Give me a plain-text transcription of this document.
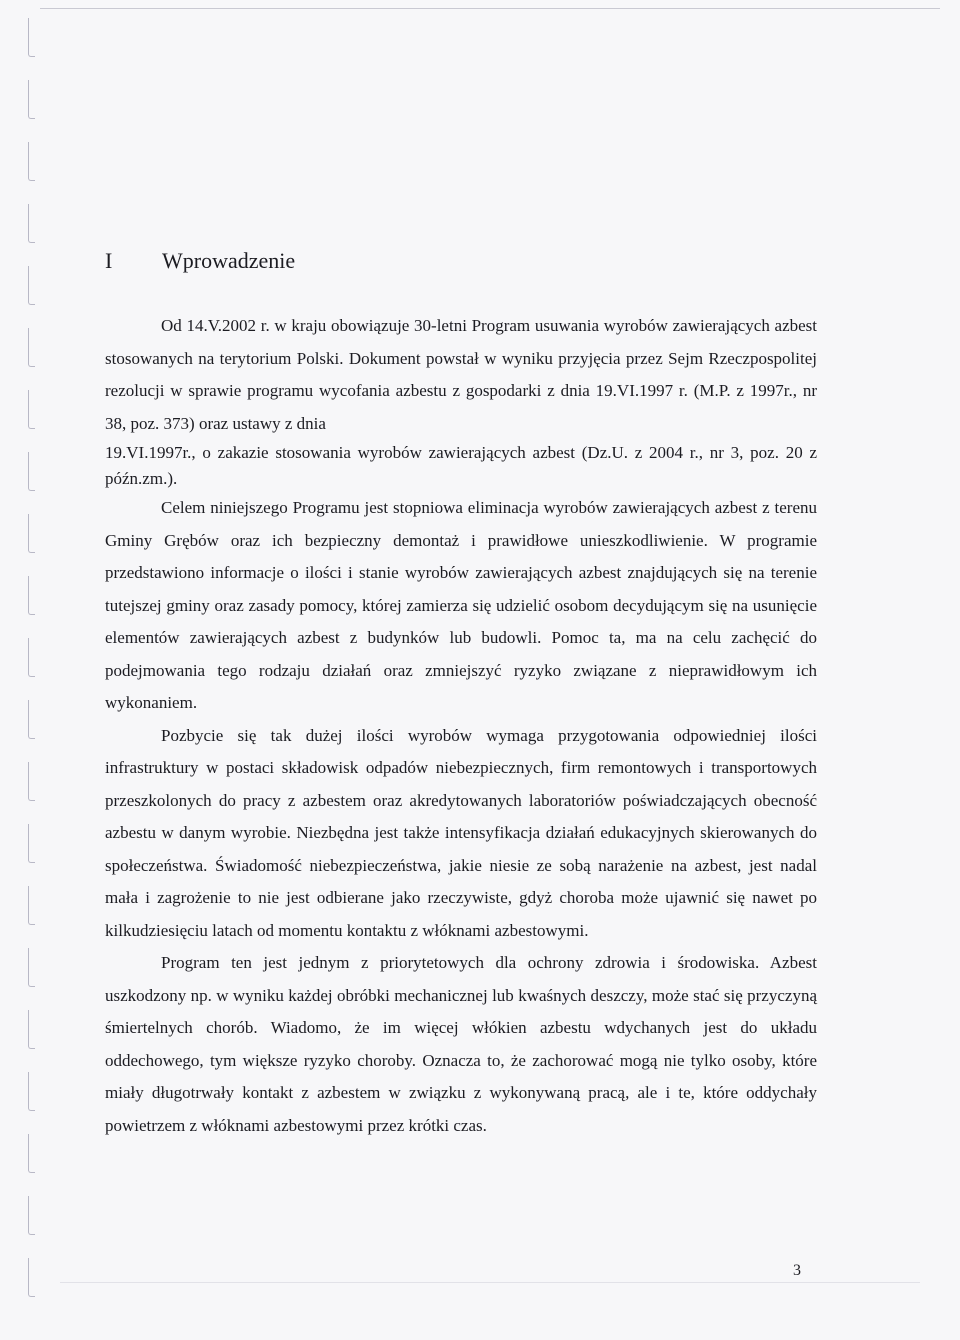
I	Wprowadzenie

Od 14.V.2002 r. w kraju obowiązuje 30-letni Program usuwania wyrobów zawierających azbest stosowanych na terytorium Polski. Dokument powstał w wyniku przyjęcia przez Sejm Rzeczpospolitej rezolucji w sprawie programu wycofania azbestu z gospodarki z dnia 19.VI.1997 r. (M.P. z 1997r., nr 38, poz. 373) oraz ustawy z dnia

19.VI.1997r., o zakazie stosowania wyrobów zawierających azbest (Dz.U. z 2004 r., nr 3, poz. 20 z późn.zm.).

Celem niniejszego Programu jest stopniowa eliminacja wyrobów zawierających azbest z terenu Gminy Grębów oraz ich bezpieczny demontaż i prawidłowe unieszkodliwienie. W programie przedstawiono informacje o ilości i stanie wyrobów zawierających azbest znajdujących się na terenie tutejszej gminy oraz zasady pomocy, której zamierza się udzielić osobom decydującym się na usunięcie elementów zawierających azbest z budynków lub budowli. Pomoc ta, ma na celu zachęcić do podejmowania tego rodzaju działań oraz zmniejszyć ryzyko związane z nieprawidłowym ich wykonaniem.

Pozbycie się tak dużej ilości wyrobów wymaga przygotowania odpowiedniej ilości infrastruktury w postaci składowisk odpadów niebezpiecznych, firm remontowych i transportowych przeszkolonych do pracy z azbestem oraz akredytowanych laboratoriów poświadczających obecność azbestu w danym wyrobie. Niezbędna jest także intensyfikacja działań edukacyjnych skierowanych do społeczeństwa. Świadomość niebezpieczeństwa, jakie niesie ze sobą narażenie na azbest, jest nadal mała i zagrożenie to nie jest odbierane jako rzeczywiste, gdyż choroba może ujawnić się nawet po kilkudziesięciu latach od momentu kontaktu z włóknami azbestowymi.

Program ten jest jednym z priorytetowych dla ochrony zdrowia i środowiska. Azbest uszkodzony np. w wyniku każdej obróbki mechanicznej lub kwaśnych deszczy, może stać się przyczyną śmiertelnych chorób. Wiadomo, że im więcej włókien azbestu wdychanych jest do układu oddechowego, tym większe ryzyko choroby. Oznacza to, że zachorować mogą nie tylko osoby, które miały długotrwały kontakt z azbestem w związku z wykonywaną pracą, ale i te, które oddychały powietrzem z włóknami azbestowymi przez krótki czas.

3
